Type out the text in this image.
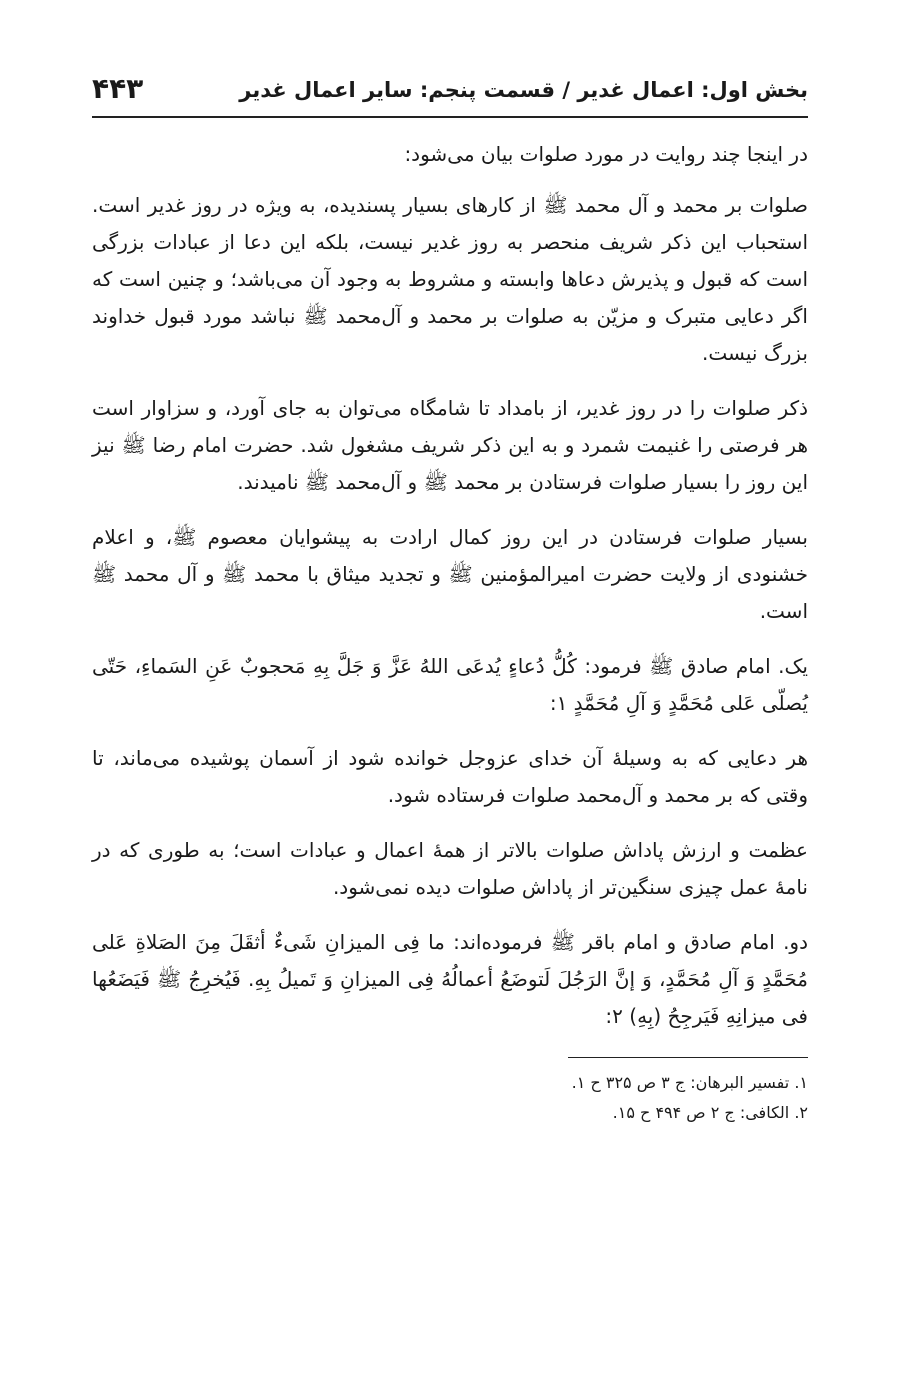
بخش اول: اعمال غدیر / قسمت پنجم: سایر اعمال غدیر
۴۴۳

در اینجا چند روایت در مورد صلوات بیان می‌شود:

صلوات بر محمد و آل محمد ﷺ از کارهای بسیار پسندیده، به ویژه در روز غدیر است. استحباب این ذکر شریف منحصر به روز غدیر نیست، بلکه این دعا از عبادات بزرگی است که قبول و پذیرش دعاها وابسته و مشروط به وجود آن می‌باشد؛ و چنین است که اگر دعایی متبرک و مزیّن به صلوات بر محمد و آل‌محمد ﷺ نباشد مورد قبول خداوند بزرگ نیست.

ذکر صلوات را در روز غدیر، از بامداد تا شامگاه می‌توان به جای آورد، و سزاوار است هر فرصتی را غنیمت شمرد و به این ذکر شریف مشغول شد. حضرت امام رضا ﷺ نیز این روز را بسیار صلوات فرستادن بر محمد ﷺ و آل‌محمد ﷺ نامیدند.

بسیار صلوات فرستادن در این روز کمال ارادت به پیشوایان معصوم ﷺ، و اعلام خشنودی از ولایت حضرت امیرالمؤمنین ﷺ و تجدید میثاق با محمد ﷺ و آل محمد ﷺ است.

یک. امام صادق ﷺ فرمود: كُلُّ دُعاءٍ يُدعَى اللهُ عَزَّ وَ جَلَّ بِهِ مَحجوبٌ عَنِ السَماءِ، حَتّى يُصلّى عَلى مُحَمَّدٍ وَ آلِ مُحَمَّدٍ ۱:

هر دعایی که به وسیلهٔ آن خدای عزوجل خوانده شود از آسمان پوشیده می‌ماند، تا وقتی که بر محمد و آل‌محمد صلوات فرستاده شود.

عظمت و ارزش پاداش صلوات بالاتر از همهٔ اعمال و عبادات است؛ به طوری که در نامهٔ عمل چیزی سنگین‌تر از پاداش صلوات دیده نمی‌شود.

دو. امام صادق و امام باقر ﷺ فرموده‌اند: ما فِی المیزانِ شَیءٌ أثقَلَ مِنَ الصَلاةِ عَلی مُحَمَّدٍ وَ آلِ مُحَمَّدٍ، وَ إنَّ الرَجُلَ لَتوضَعُ أعمالُهُ فِی المیزانِ وَ تَمیلُ بِهِ. فَیُخرِجُ ﷺ فَیَضَعُها فی میزانِهِ فَیَرجِحُ (بِهِ) ۲:

۱. تفسیر البرهان: ج ۳ ص ۳۲۵ ح ۱.

۲. الکافی: ج ۲ ص ۴۹۴ ح ۱۵.
